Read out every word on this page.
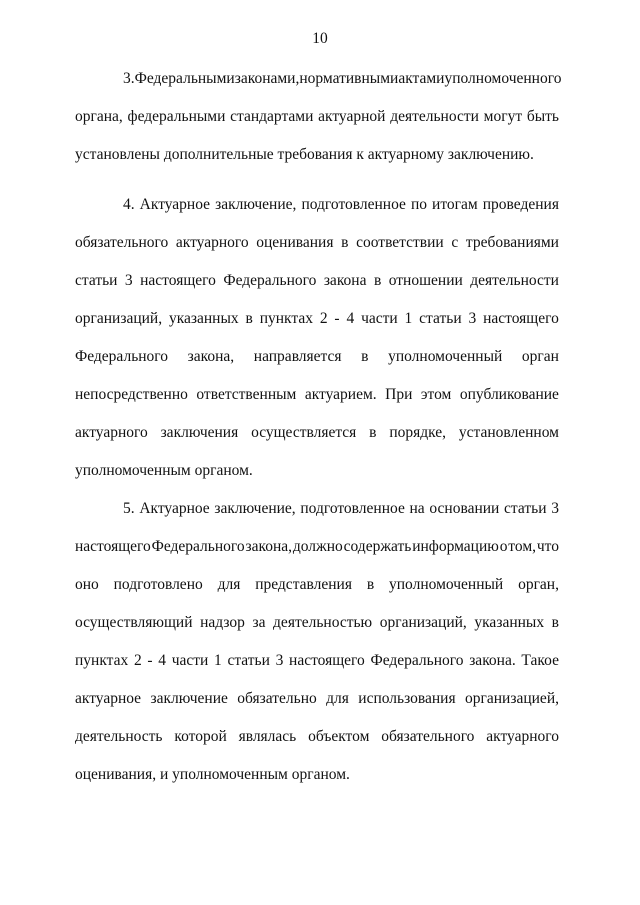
10
3. Федеральными законами, нормативными актами уполномоченного
органа, федеральными стандартами актуарной деятельности могут быть
установлены дополнительные требования к актуарному заключению.
4. Актуарное заключение, подготовленное по итогам проведения
обязательного актуарного оценивания в соответствии с требованиями
статьи 3 настоящего Федерального закона в отношении деятельности
организаций, указанных в пунктах 2 - 4 части 1 статьи 3 настоящего
Федерального закона, направляется в уполномоченный орган
непосредственно ответственным актуарием. При этом опубликование
актуарного заключения осуществляется в порядке, установленном
уполномоченным органом.
5. Актуарное заключение, подготовленное на основании статьи 3
настоящего Федерального закона, должно содержать информацию о том, что
оно подготовлено для представления в уполномоченный орган,
осуществляющий надзор за деятельностью организаций, указанных в
пунктах 2 - 4 части 1 статьи 3 настоящего Федерального закона. Такое
актуарное заключение обязательно для использования организацией,
деятельность которой являлась объектом обязательного актуарного
оценивания, и уполномоченным органом.
